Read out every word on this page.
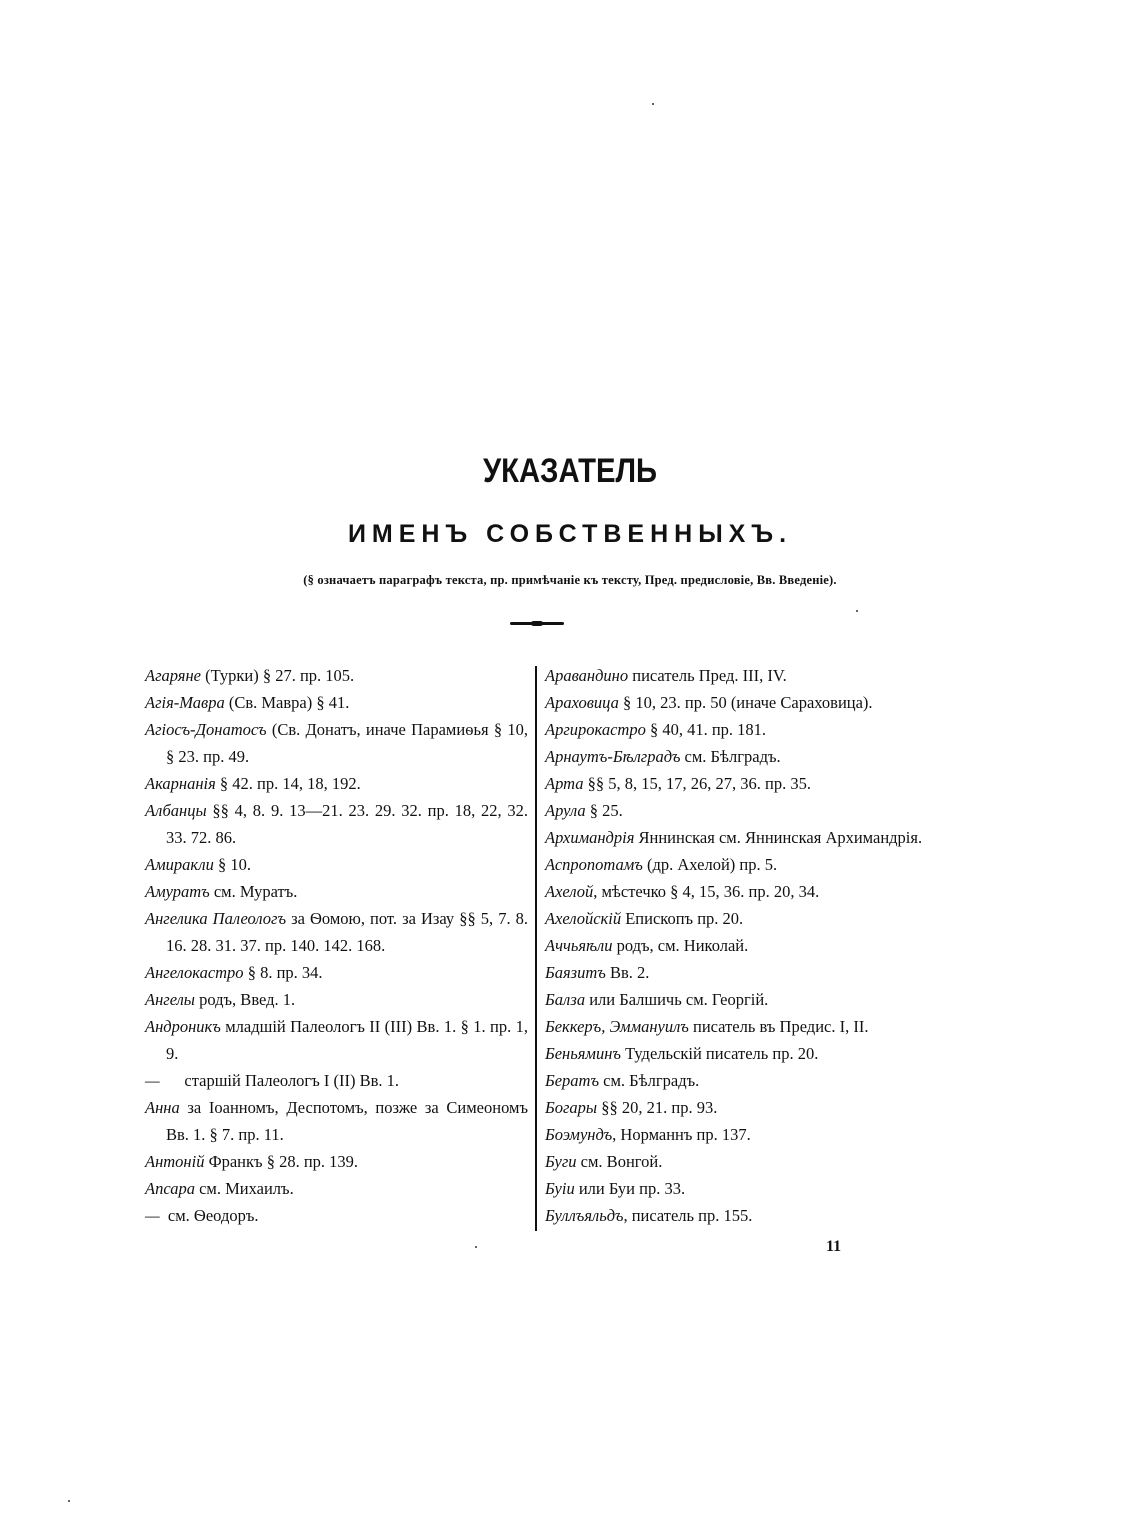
УКАЗАТЕЛЬ
ИМЕНЪ СОБСТВЕННЫХЪ.
(§ означаетъ параграфъ текста, пр. примѣчаніе къ тексту, Пред. предисловіе, Вв. Введеніе).
Агаряне (Турки) § 27. пр. 105.
Агія-Мавра (Св. Мавра) § 41.
Агіосъ-Донатосъ (Св. Донатъ, иначе Парамиѳья § 10, § 23. пр. 49.
Акарнанія § 42. пр. 14, 18, 192.
Албанцы §§ 4, 8. 9. 13—21. 23. 29. 32. пр. 18, 22, 32. 33. 72. 86.
Амиракли § 10.
Амуратъ см. Муратъ.
Ангелика Палеологъ за Ѳомою, пот. за Изау §§ 5, 7. 8. 16. 28. 31. 37. пр. 140. 142. 168.
Ангелокастро § 8. пр. 34.
Ангелы родъ, Введ. 1.
Андроникъ младшій Палеологъ II (III) Вв. 1. § 1. пр. 1, 9.
—      старшій Палеологъ I (II) Вв. 1.
Анна за Іоанномъ, Деспотомъ, позже за Симеономъ Вв. 1. § 7. пр. 11.
Антоній Франкъ § 28. пр. 139.
Апсара см. Михаилъ.
—  см. Ѳеодоръ.
Аравандино писатель Пред. III, IV.
Араховица § 10, 23. пр. 50 (иначе Сараховица).
Аргирокастро § 40, 41. пр. 181.
Арнаутъ-Бѣлградъ см. Бѣлградъ.
Арта §§ 5, 8, 15, 17, 26, 27, 36. пр. 35.
Арула § 25.
Архимандрія Яннинская см. Яннинская Архимандрія.
Аспропотамъ (др. Ахелой) пр. 5.
Ахелой, мѣстечко § 4, 15, 36. пр. 20, 34.
Ахелойскій Епископъ пр. 20.
Аччьяѣли родъ, см. Николай.
Баязитъ Вв. 2.
Балза или Балшичь см. Георгій.
Беккеръ, Эммануилъ писатель въ Предис. I, II.
Беньяминъ Тудельскій писатель пр. 20.
Бератъ см. Бѣлградъ.
Богары §§ 20, 21. пр. 93.
Боэмундъ, Норманнъ пр. 137.
Буги см. Вонгой.
Буіи или Буи пр. 33.
Буллъяльдъ, писатель пр. 155.
11
